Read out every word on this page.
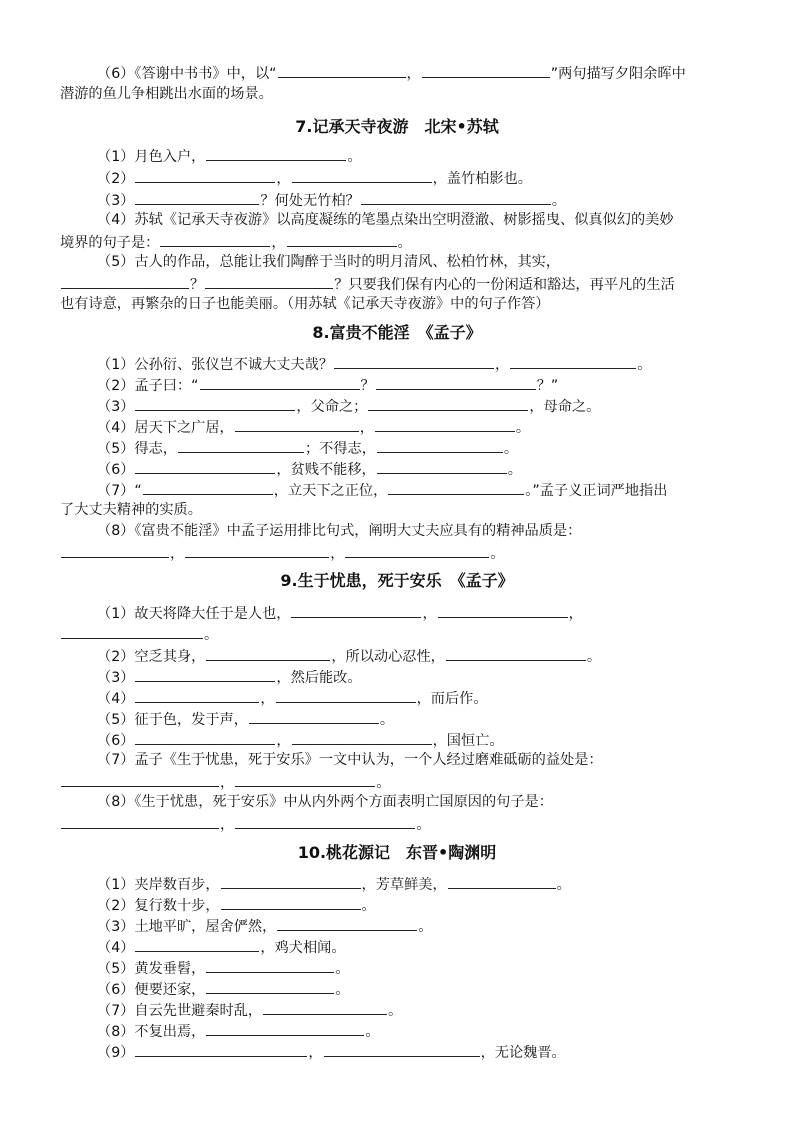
（6）《答谢中书书》中，以“	，	”两句描写夕阳余晖中
潜游的鱼儿争相跳出水面的场景。
7.记承天寺夜游　北宋•苏轼
（1）月色入户，	。
（2）	，	，盖竹柏影也。
（3）	？何处无竹柏？	。
（4）苏轼《记承天寺夜游》以高度凝练的笔墨点染出空明澄澈、树影摇曳、似真似幻的美妙
境界的句子是：	，	。
（5）古人的作品，总能让我们陶醉于当时的明月清风、松柏竹林，其实，
？	？只要我们保有内心的一份闲适和豁达，再平凡的生活
也有诗意，再繁杂的日子也能美丽。（用苏轼《记承天寺夜游》中的句子作答）
8.富贵不能淫　《孟子》
（1）公孙衍、张仪岂不诚大丈夫哉？	，	。
（2）孟子曰：“	？	？”
（3）	，父命之；	，母命之。
（4）居天下之广居，	，	。
（5）得志，	；不得志，	。
（6）	，贫贱不能移，	。
（7）“	，立天下之正位，	。”孟子义正词严地指出
了大丈夫精神的实质。
（8）《富贵不能淫》中孟子运用排比句式，阐明大丈夫应具有的精神品质是：
，	，	。
9.生于忧患，死于安乐　《孟子》
（1）故天将降大任于是人也，	，	，
。
（2）空乏其身，	，所以动心忍性，	。
（3）	，然后能改。
（4）	，	，而后作。
（5）征于色，发于声，	。
（6）	，	，国恒亡。
（7）孟子《生于忧患，死于安乐》一文中认为，一个人经过磨难砥砺的益处是：
，	。
（8）《生于忧患，死于安乐》中从内外两个方面表明亡国原因的句子是：
，	。
10.桃花源记　东晋•陶渊明
（1）夹岸数百步，	，芳草鲜美，	。
（2）复行数十步，	。
（3）土地平旷，屋舍俨然，	。
（4）	，鸡犬相闻。
（5）黄发垂髫，	。
（6）便要还家，	。
（7）自云先世避秦时乱，	。
（8）不复出焉，	。
（9）	，	，无论魏晋。
